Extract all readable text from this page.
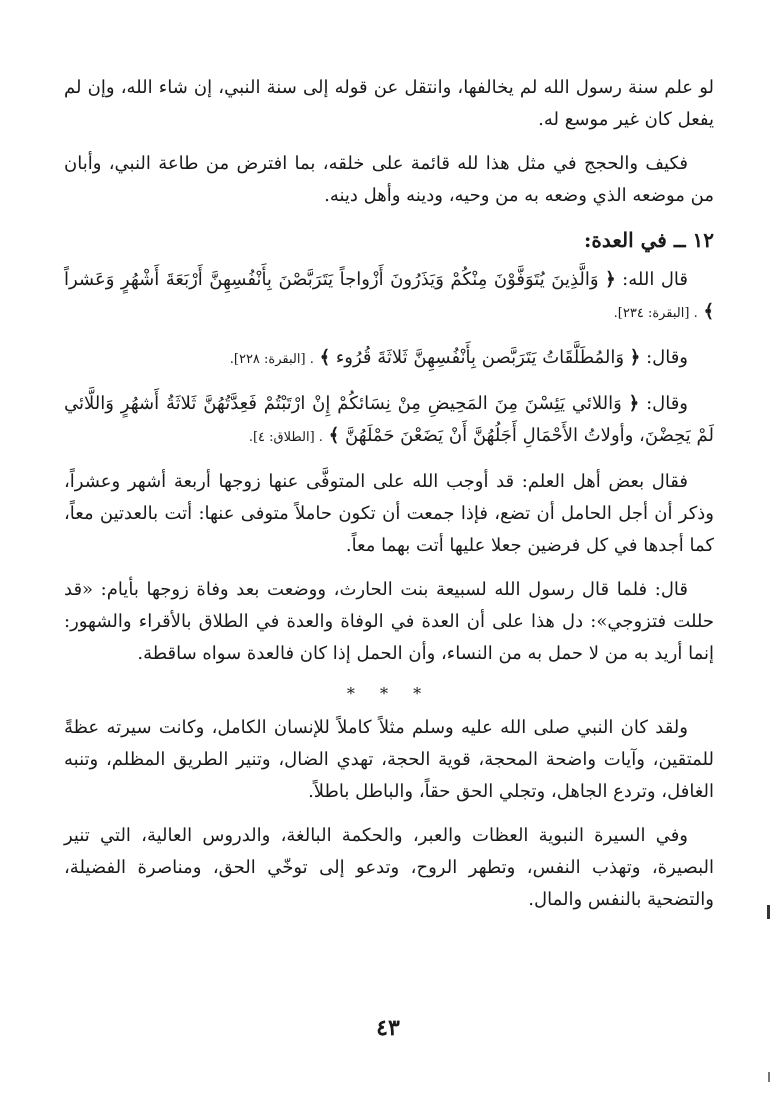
لو علم سنة رسول الله لم يخالفها، وانتقل عن قوله إلى سنة النبي، إن شاء الله، وإن لم يفعل كان غير موسع له.

فكيف والحجج في مثل هذا لله قائمة على خلقه، بما افترض من طاعة النبي، وأبان من موضعه الذي وضعه به من وحيه، ودينه وأهل دينه.

١٢ ــ في العدة:

قال الله: ﴿ وَالَّذِينَ يُتَوَفَّوْنَ مِنْكُمْ وَيَذَرُونَ أَزْواجاً يَتَرَبَّصْنَ بِأَنْفُسِهِنَّ أَرْبَعَةَ أَشْهُرٍ وَعَشراً ﴾ . [البقرة: ٢٣٤].

وقال: ﴿ وَالمُطَلَّقَاتُ يَتَرَبَّصن بِأَنْفُسِهِنَّ ثَلاثَةَ قُرُوء ﴾ . [البقرة: ٢٢٨].

وقال: ﴿ وَاللائي يَئِسْنَ مِنَ المَحِيضِ مِنْ نِسَائكُمْ إِنْ ارْتَبْتُمْ فَعِدَّتُهُنَّ ثَلاثَةُ أَشهُرٍ وَاللَّائي لَمْ يَحِضْنَ، وأولاتُ الأَحْمَالِ أَجَلُهُنَّ أَنْ يَضَعْنَ حَمْلَهُنَّ ﴾ . [الطلاق: ٤].

فقال بعض أهل العلم: قد أوجب الله على المتوفَّى عنها زوجها أربعة أشهر وعشراً، وذكر أن أجل الحامل أن تضع، فإذا جمعت أن تكون حاملاً متوفى عنها: أتت بالعدتين معاً، كما أجدها في كل فرضين جعلا عليها أتت بهما معاً.

قال: فلما قال رسول الله لسبيعة بنت الحارث، ووضعت بعد وفاة زوجها بأيام: «قد حللت فتزوجي»: دل هذا على أن العدة في الوفاة والعدة في الطلاق بالأقراء والشهور: إنما أريد به من لا حمل به من النساء، وأن الحمل إذا كان فالعدة سواه ساقطة.

* * *

ولقد كان النبي صلى الله عليه وسلم مثلاً كاملاً للإنسان الكامل، وكانت سيرته عظةً للمتقين، وآيات واضحة المحجة، قوية الحجة، تهدي الضال، وتنير الطريق المظلم، وتنبه الغافل، وتردع الجاهل، وتجلي الحق حقاً، والباطل باطلاً.

وفي السيرة النبوية العظات والعبر، والحكمة البالغة، والدروس العالية، التي تنير البصيرة، وتهذب النفس، وتطهر الروح، وتدعو إلى توخّي الحق، ومناصرة الفضيلة، والتضحية بالنفس والمال.

٤٣
